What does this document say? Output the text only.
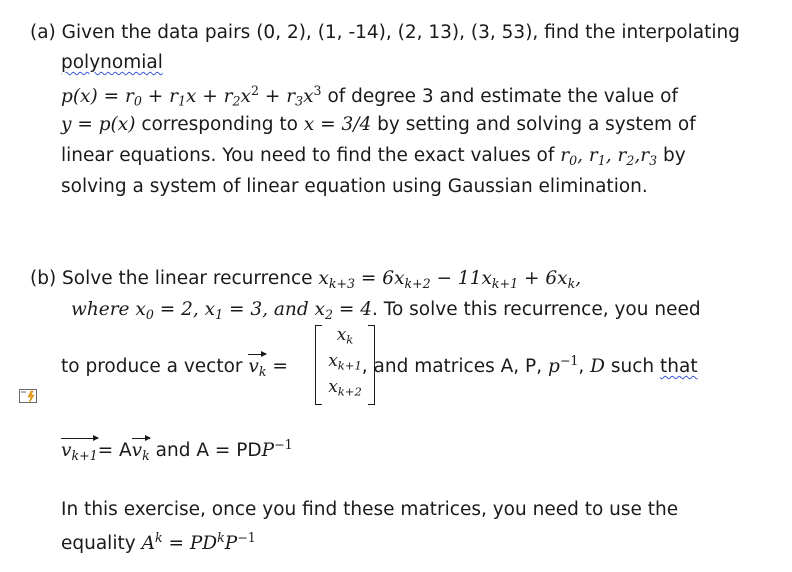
(a) Given the data pairs (0, 2), (1, -14), (2, 13), (3, 53), find the interpolating
polynomial
$p(x) = r_0 + r_1x + r_2x^2 + r_3x^3$ of degree 3 and estimate the value of
y = p(x) corresponding to x = 3/4 by setting and solving a system of
linear equations. You need to find the exact values of $r_0$, $r_1$, $r_2,r_3$ by
solving a system of linear equation using Gaussian elimination.
(b) Solve the linear recurrence $x_{k+3} = 6x_{k+2} - 11x_{k+1} + 6x_k$,
where $x_0 = 2$, $x_1 = 3$, and $x_2 = 4$. To solve this recurrence, you need
to produce a vector $v_k$ =	, and matrices A, P, $p^{-1}$, D such that
$x_k$
$x_{k+1}$
$x_{k+2}$
$v_{k+1}= Av_k$ and $A = PDP^{-1}$
In this exercise, once you find these matrices, you need to use the
equality $A^k = PD^kP^{-1}$
